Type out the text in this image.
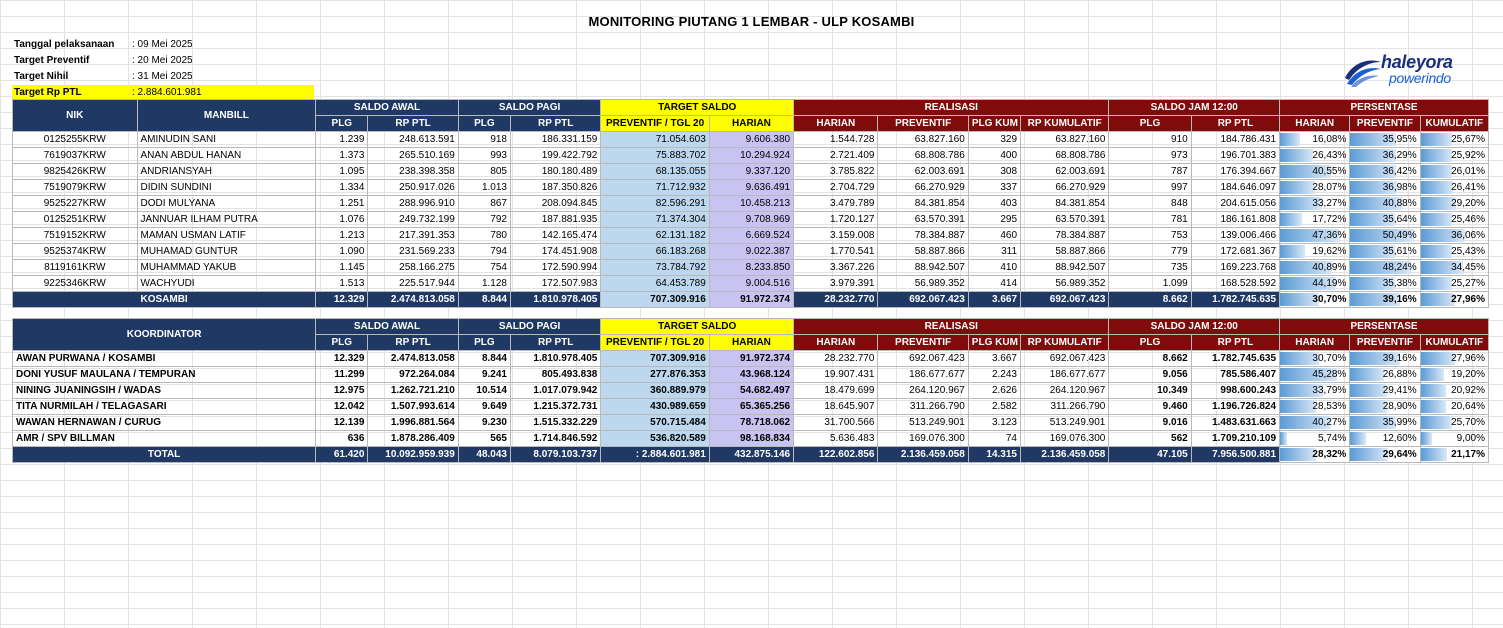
MONITORING PIUTANG 1 LEMBAR - ULP KOSAMBI
Tanggal pelaksanaan	: 09 Mei 2025
Target Preventif	: 20 Mei 2025
Target Nihil	: 31 Mei 2025
Target Rp PTL	: 2.884.601.981
haleyora
powerindo
NIK	MANBILL	SALDO AWAL		SALDO PAGI		TARGET SALDO		REALISASI				SALDO JAM 12:00		PERSENTASE		
		PLG	RP PTL	PLG	RP PTL	PREVENTIF / TGL 20	HARIAN	HARIAN	PREVENTIF	PLG KUM	RP KUMULATIF	PLG	RP PTL	HARIAN	PREVENTIF	KUMULATIF
0125255KRW	AMINUDIN SANI	1.239	248.613.591	918	186.331.159	71.054.603	9.606.380	1.544.728	63.827.160	329	63.827.160	910	184.786.431	16,08%	35,95%	25,67%
7619037KRW	ANAN ABDUL HANAN	1.373	265.510.169	993	199.422.792	75.883.702	10.294.924	2.721.409	68.808.786	400	68.808.786	973	196.701.383	26,43%	36,29%	25,92%
9825426KRW	ANDRIANSYAH	1.095	238.398.358	805	180.180.489	68.135.055	9.337.120	3.785.822	62.003.691	308	62.003.691	787	176.394.667	40,55%	36,42%	26,01%
7519079KRW	DIDIN SUNDINI	1.334	250.917.026	1.013	187.350.826	71.712.932	9.636.491	2.704.729	66.270.929	337	66.270.929	997	184.646.097	28,07%	36,98%	26,41%
9525227KRW	DODI MULYANA	1.251	288.996.910	867	208.094.845	82.596.291	10.458.213	3.479.789	84.381.854	403	84.381.854	848	204.615.056	33,27%	40,88%	29,20%
0125251KRW	JANNUAR ILHAM PUTRA	1.076	249.732.199	792	187.881.935	71.374.304	9.708.969	1.720.127	63.570.391	295	63.570.391	781	186.161.808	17,72%	35,64%	25,46%
7519152KRW	MAMAN USMAN LATIF	1.213	217.391.353	780	142.165.474	62.131.182	6.669.524	3.159.008	78.384.887	460	78.384.887	753	139.006.466	47,36%	50,49%	36,06%
9525374KRW	MUHAMAD GUNTUR	1.090	231.569.233	794	174.451.908	66.183.268	9.022.387	1.770.541	58.887.866	311	58.887.866	779	172.681.367	19,62%	35,61%	25,43%
8119161KRW	MUHAMMAD YAKUB	1.145	258.166.275	754	172.590.994	73.784.792	8.233.850	3.367.226	88.942.507	410	88.942.507	735	169.223.768	40,89%	48,24%	34,45%
9225346KRW	WACHYUDI	1.513	225.517.944	1.128	172.507.983	64.453.789	9.004.516	3.979.391	56.989.352	414	56.989.352	1.099	168.528.592	44,19%	35,38%	25,27%
KOSAMBI		12.329	2.474.813.058	8.844	1.810.978.405	707.309.916	91.972.374	28.232.770	692.067.423	3.667	692.067.423	8.662	1.782.745.635	30,70%	39,16%	27,96%
KOORDINATOR	SALDO AWAL		SALDO PAGI		TARGET SALDO		REALISASI				SALDO JAM 12:00		PERSENTASE		
	PLG	RP PTL	PLG	RP PTL	PREVENTIF / TGL 20	HARIAN	HARIAN	PREVENTIF	PLG KUM	RP KUMULATIF	PLG	RP PTL	HARIAN	PREVENTIF	KUMULATIF
AWAN PURWANA / KOSAMBI	12.329	2.474.813.058	8.844	1.810.978.405	707.309.916	91.972.374	28.232.770	692.067.423	3.667	692.067.423	8.662	1.782.745.635	30,70%	39,16%	27,96%
DONI YUSUF MAULANA / TEMPURAN	11.299	972.264.084	9.241	805.493.838	277.876.353	43.968.124	19.907.431	186.677.677	2.243	186.677.677	9.056	785.586.407	45,28%	26,88%	19,20%
NINING JUANINGSIH / WADAS	12.975	1.262.721.210	10.514	1.017.079.942	360.889.979	54.682.497	18.479.699	264.120.967	2.626	264.120.967	10.349	998.600.243	33,79%	29,41%	20,92%
TITA NURMILAH / TELAGASARI	12.042	1.507.993.614	9.649	1.215.372.731	430.989.659	65.365.256	18.645.907	311.266.790	2.582	311.266.790	9.460	1.196.726.824	28,53%	28,90%	20,64%
WAWAN HERNAWAN / CURUG	12.139	1.996.881.564	9.230	1.515.332.229	570.715.484	78.718.062	31.700.566	513.249.901	3.123	513.249.901	9.016	1.483.631.663	40,27%	35,99%	25,70%
AMR / SPV BILLMAN	636	1.878.286.409	565	1.714.846.592	536.820.589	98.168.834	5.636.483	169.076.300	74	169.076.300	562	1.709.210.109	5,74%	12,60%	9,00%
TOTAL	61.420	10.092.959.939	48.043	8.079.103.737	: 2.884.601.981	432.875.146	122.602.856	2.136.459.058	14.315	2.136.459.058	47.105	7.956.500.881	28,32%	29,64%	21,17%
